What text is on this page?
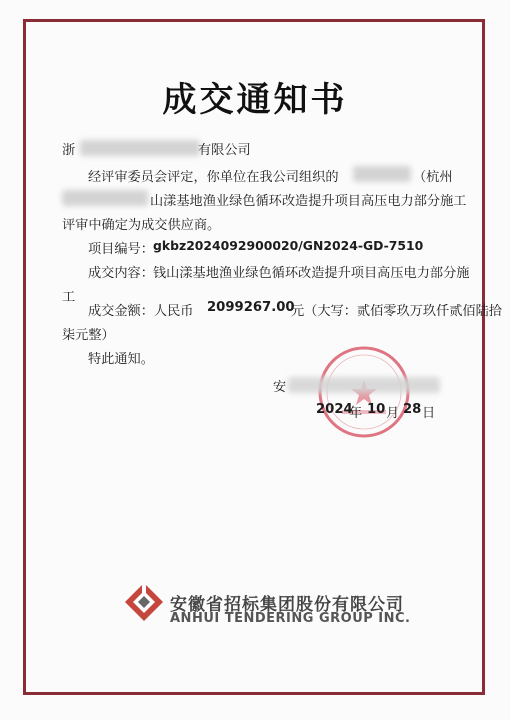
成交通知书
浙	有限公司
经评审委员会评定，你单位在我公司组织的	（杭州
山漾基地渔业绿色循环改造提升项目高压电力部分施工
评审中确定为成交供应商。
项目编号： gkbz2024092900020/GN2024-GD-7510
成交内容： 钱山漾基地渔业绿色循环改造提升项目高压电力部分施
工
成交金额：人民币 2099267.00
元（大写：贰佰零玖万玖仟贰佰陆拾
柒元整）
特此通知。
安
2024
年 10 月 28 日
安徽省招标集团股份有限公司
ANHUI TENDERING GROUP INC.
